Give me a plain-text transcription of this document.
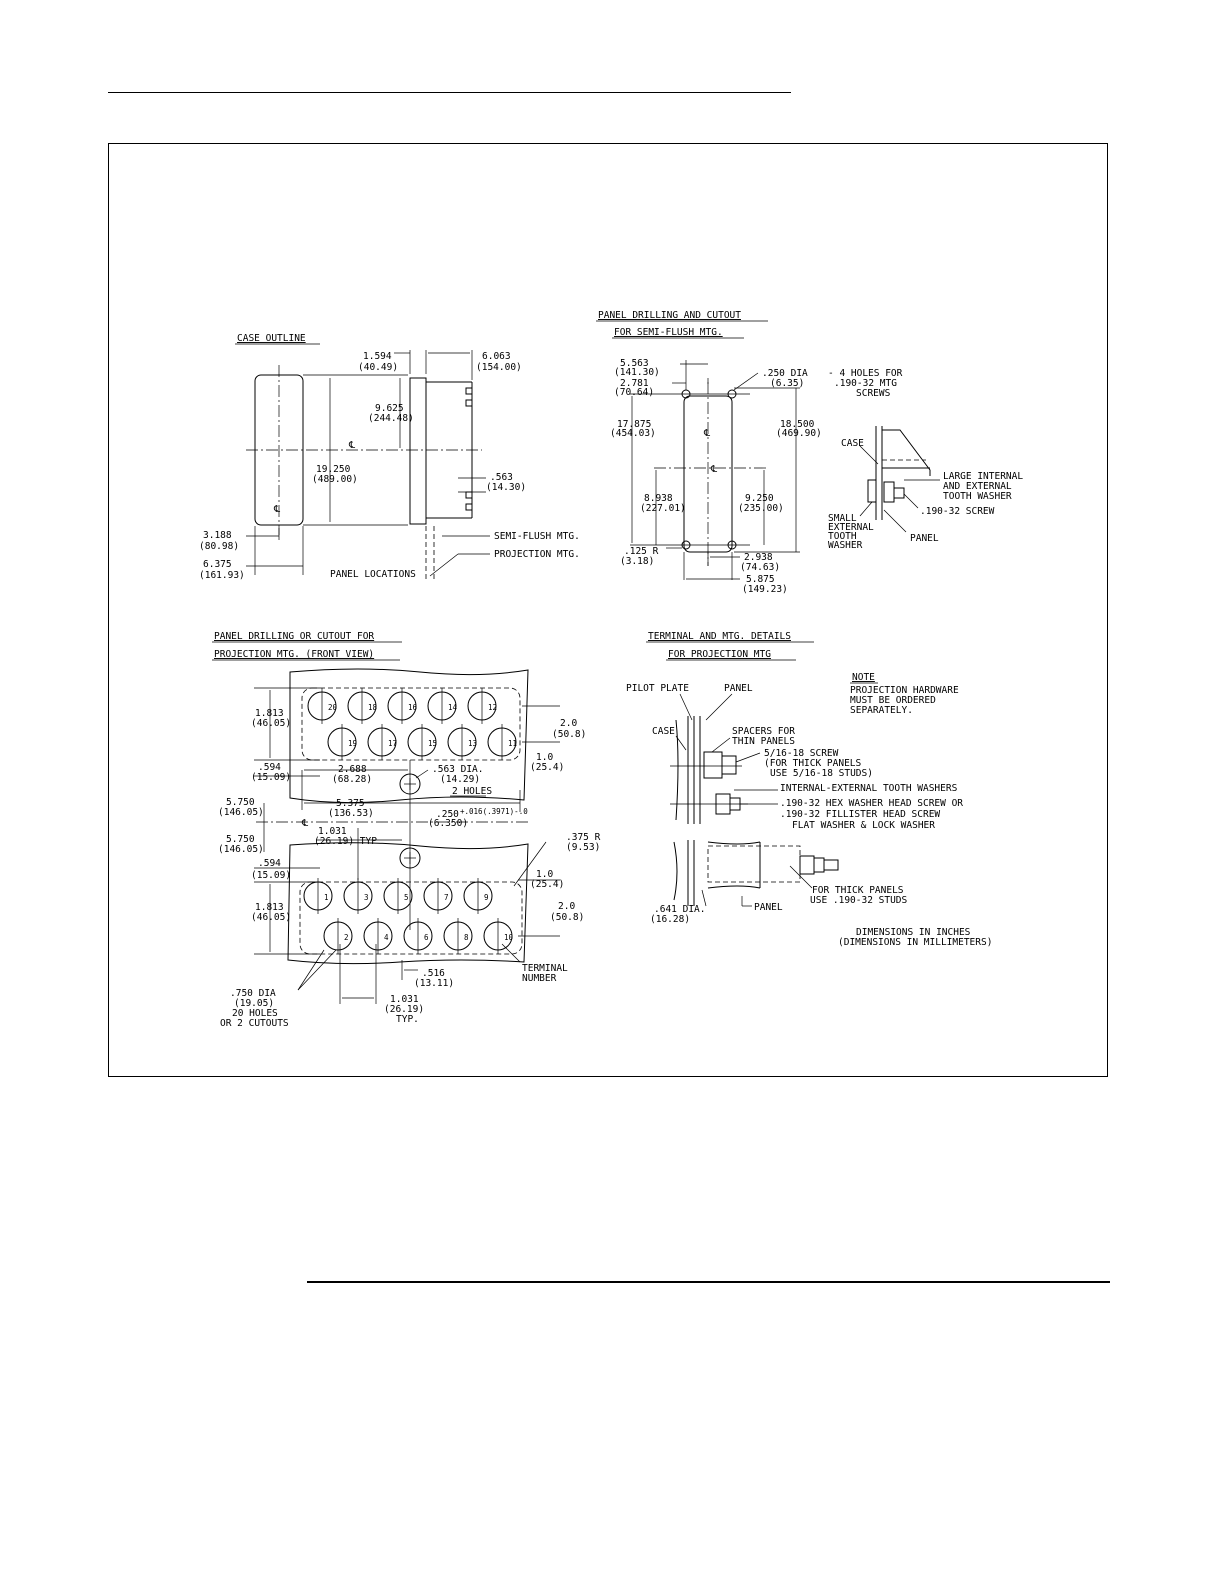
CASE OUTLINE
℄
℄
1.594
(40.49)
6.063
(154.00)
9.625
(244.48)
19.250
(489.00)	.563
(14.30)
3.188
(80.98)
6.375
(161.93)
SEMI-FLUSH MTG.
PROJECTION MTG.
PANEL LOCATIONS
PANEL DRILLING AND CUTOUT
FOR SEMI-FLUSH MTG.
℄
℄
5.563
(141.30)
2.781
(70.64)
.250 DIA
(6.35)
- 4 HOLES FOR
.190-32 MTG
SCREWS
17.875
(454.03)
18.500
(469.90)
8.938
(227.01)
9.250
(235.00)
.125 R
(3.18)	2.938
(74.63)
5.875
(149.23)
CASE
LARGE INTERNAL
AND EXTERNAL
TOOTH WASHER
.190-32 SCREW
SMALL
EXTERNAL
TOOTH
WASHER
PANEL
PANEL DRILLING OR CUTOUT FOR
PROJECTION MTG. (FRONT VIEW)
20	18	16	14	12
19	17	15	13	11
1	3	5	7	9
2	4	6	8	10
1.813
(46.05)
.594
(15.09)
5.750
(146.05)
℄
5.750
(146.05)
.594
(15.09)
1.813
(46.05)
2.688
(68.28)
.563 DIA.
(14.29)
2 HOLES
5.375
(136.53)	.250 +.016(.3971)-.0
(6.350)
1.031
(26.19) TYP
2.0
(50.8)
1.0
(25.4)
1.0
(25.4)
2.0
(50.8)
.375 R
(9.53)
.516
(13.11)
TERMINAL
NUMBER
.750 DIA
(19.05)
20 HOLES
OR 2 CUTOUTS
1.031
(26.19)
TYP.
TERMINAL AND MTG. DETAILS
FOR PROJECTION MTG
PILOT PLATE	PANEL
CASE	SPACERS FOR
THIN PANELS
5/16-18 SCREW
(FOR THICK PANELS
USE 5/16-18 STUDS)
INTERNAL-EXTERNAL TOOTH WASHERS
.190-32 HEX WASHER HEAD SCREW OR
.190-32 FILLISTER HEAD SCREW
FLAT WASHER & LOCK WASHER
FOR THICK PANELS
USE .190-32 STUDS
.641 DIA.
(16.28)
PANEL
NOTE
PROJECTION HARDWARE
MUST BE ORDERED
SEPARATELY.
DIMENSIONS IN INCHES
(DIMENSIONS IN MILLIMETERS)
